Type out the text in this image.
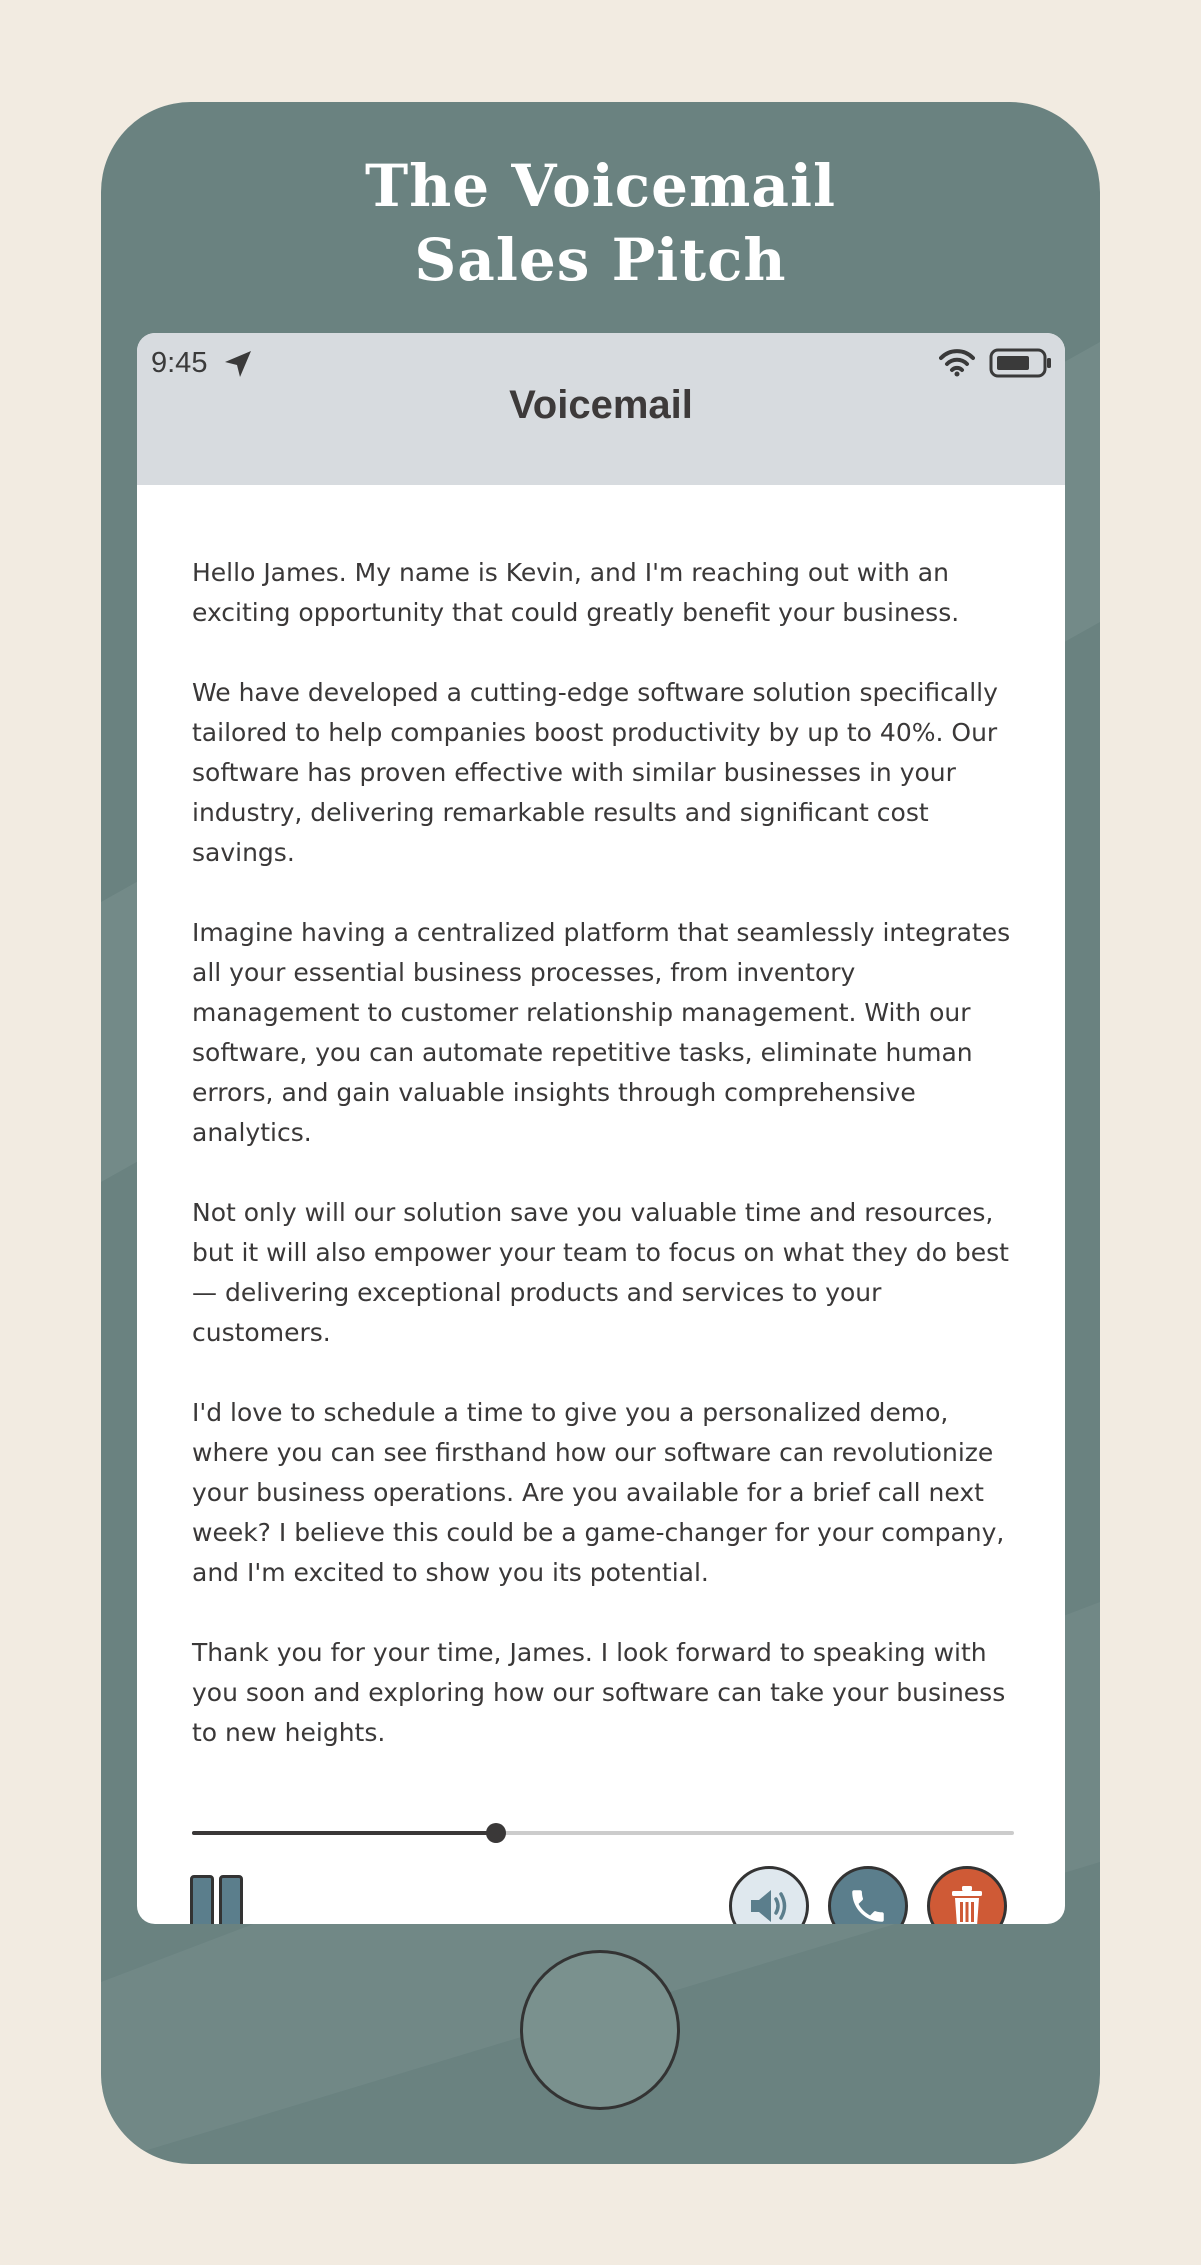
The Voicemail
Sales Pitch
9:45
Voicemail

Hello James. My name is Kevin, and I'm reaching out with an exciting opportunity that could greatly benefit your business.

We have developed a cutting-edge software solution specifically tailored to help companies boost productivity by up to 40%. Our software has proven effective with similar businesses in your industry, delivering remarkable results and significant cost savings.

Imagine having a centralized platform that seamlessly integrates all your essential business processes, from inventory management to customer relationship management. With our software, you can automate repetitive tasks, eliminate human errors, and gain valuable insights through comprehensive analytics.

Not only will our solution save you valuable time and resources, but it will also empower your team to focus on what they do best — delivering exceptional products and services to your customers.

I'd love to schedule a time to give you a personalized demo, where you can see firsthand how our software can revolutionize your business operations. Are you available for a brief call next week? I believe this could be a game-changer for your company, and I'm excited to show you its potential.

Thank you for your time, James. I look forward to speaking with you soon and exploring how our software can take your business to new heights.
